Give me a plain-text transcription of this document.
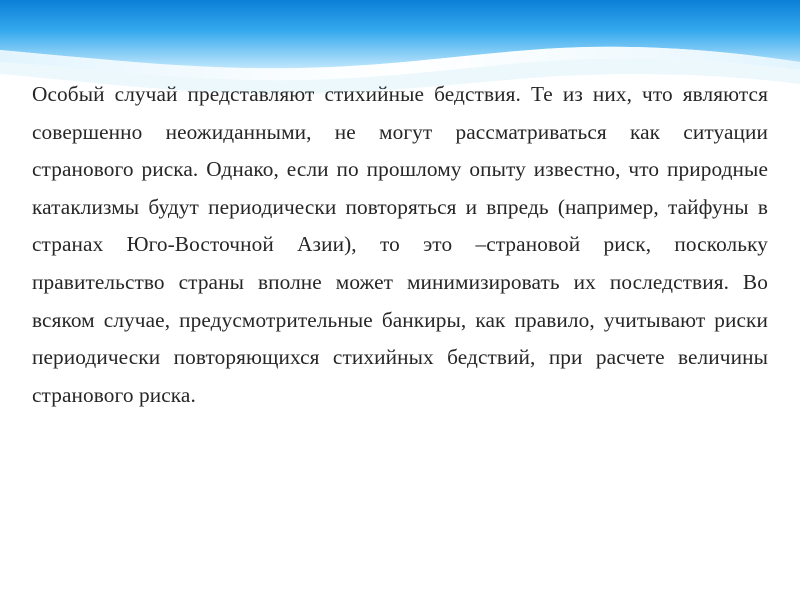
Особый случай представляют стихийные бедствия. Те из них, что являются совершенно неожиданными, не могут рассматриваться как ситуации странового риска. Однако, если по прошлому опыту известно, что природные катаклизмы будут периодически повторяться и впредь (например, тайфуны в странах Юго-Восточной Азии), то это –страновой риск, поскольку правительство страны вполне может минимизировать их последствия. Во всяком случае, предусмотрительные банкиры, как правило, учитывают риски периодически повторяющихся стихийных бедствий, при расчете величины странового риска.
